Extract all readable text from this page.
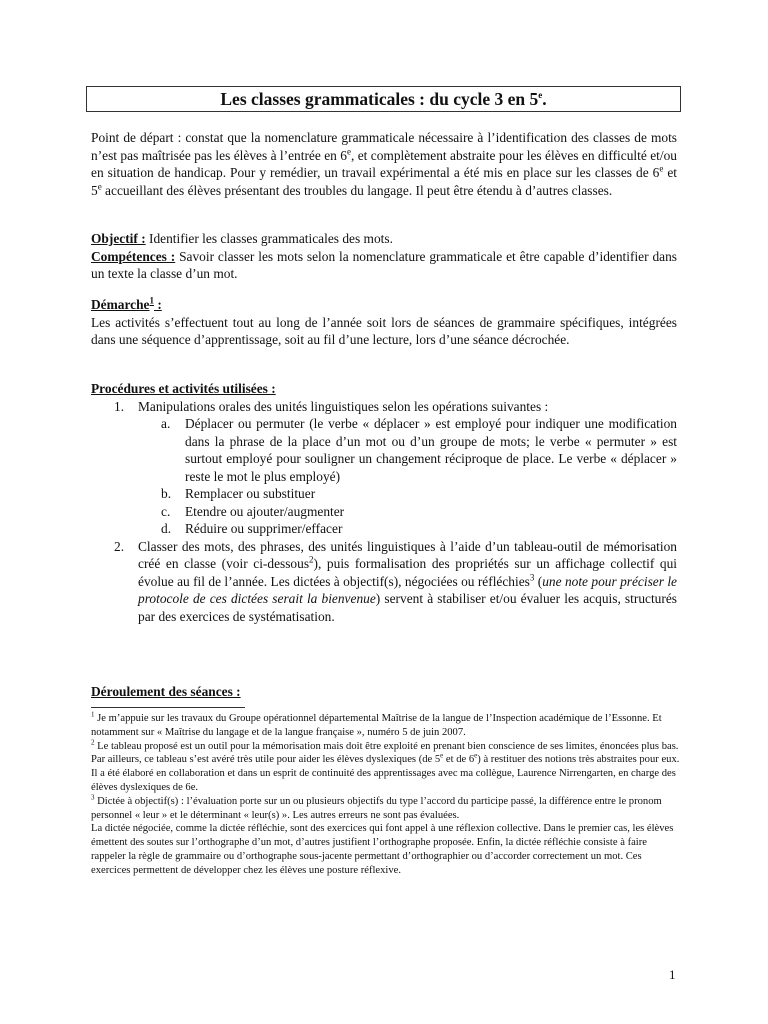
Les classes grammaticales : du cycle 3 en 5e.

Point de départ : constat que la nomenclature grammaticale nécessaire à l’identification des classes de mots n’est pas maîtrisée pas les élèves à l’entrée en 6e, et complètement abstraite pour les élèves en difficulté et/ou en situation de handicap. Pour y remédier, un travail expérimental a été mis en place sur les classes de 6e et 5e accueillant des élèves présentant des troubles du langage. Il peut être étendu à d’autres classes.

Objectif : Identifier les classes grammaticales des mots.

Compétences : Savoir classer les mots selon la nomenclature grammaticale et être capable d’identifier dans un texte la classe d’un mot.

Démarche$^1$ :

Les activités s’effectuent tout au long de l’année soit lors de séances de grammaire spécifiques, intégrées dans une séquence d’apprentissage, soit au fil d’une lecture, lors d’une séance décrochée.

Procédures et activités utilisées :

1. Manipulations orales des unités linguistiques selon les opérations suivantes :

a. Déplacer ou permuter (le verbe « déplacer » est employé pour indiquer une modification dans la phrase de la place d’un mot ou d’un groupe de mots; le verbe « permuter » est surtout employé pour souligner un changement réciproque de place. Le verbe « déplacer » reste le mot le plus employé)

b. Remplacer ou substituer

c. Etendre ou ajouter/augmenter

d. Réduire ou supprimer/effacer

2. Classer des mots, des phrases, des unités linguistiques à l’aide d’un tableau-outil de mémorisation créé en classe (voir ci-dessous$^2$), puis formalisation des propriétés sur un affichage collectif qui évolue au fil de l’année. Les dictées à objectif(s), négociées ou réfléchies$^3$ (une note pour préciser le protocole de ces dictées serait la bienvenue) servent à stabiliser et/ou évaluer les acquis, structurés par des exercices de systématisation.

Déroulement des séances :

$^1$ Je m’appuie sur les travaux du Groupe opérationnel départemental Maîtrise de la langue de l’Inspection académique de l’Essonne. Et notamment sur « Maîtrise du langage et de la langue française », numéro 5 de juin 2007.

$^2$ Le tableau proposé est un outil pour la mémorisation mais doit être exploité en prenant bien conscience de ses limites, énoncées plus bas. Par ailleurs, ce tableau s’est avéré très utile pour aider les élèves dyslexiques (de 5e et de 6e) à restituer des notions très abstraites pour eux. Il a été élaboré en collaboration et dans un esprit de continuité des apprentissages avec ma collègue, Laurence Nirrengarten, en charge des élèves dyslexiques de 6e.

$^3$ Dictée à objectif(s) : l’évaluation porte sur un ou plusieurs objectifs du type l’accord du participe passé, la différence entre le pronom personnel « leur » et le déterminant « leur(s) ». Les autres erreurs ne sont pas évaluées.

La dictée négociée, comme la dictée réfléchie, sont des exercices qui font appel à une réflexion collective. Dans le premier cas, les élèves émettent des soutes sur l’orthographe d’un mot, d’autres justifient l’orthographe proposée. Enfin, la dictée réfléchie consiste à faire rappeler la règle de grammaire ou d’orthographe sous-jacente permettant d’orthographier ou d’accorder correctement un mot. Ces exercices permettent de développer chez les élèves une posture réflexive.

1
